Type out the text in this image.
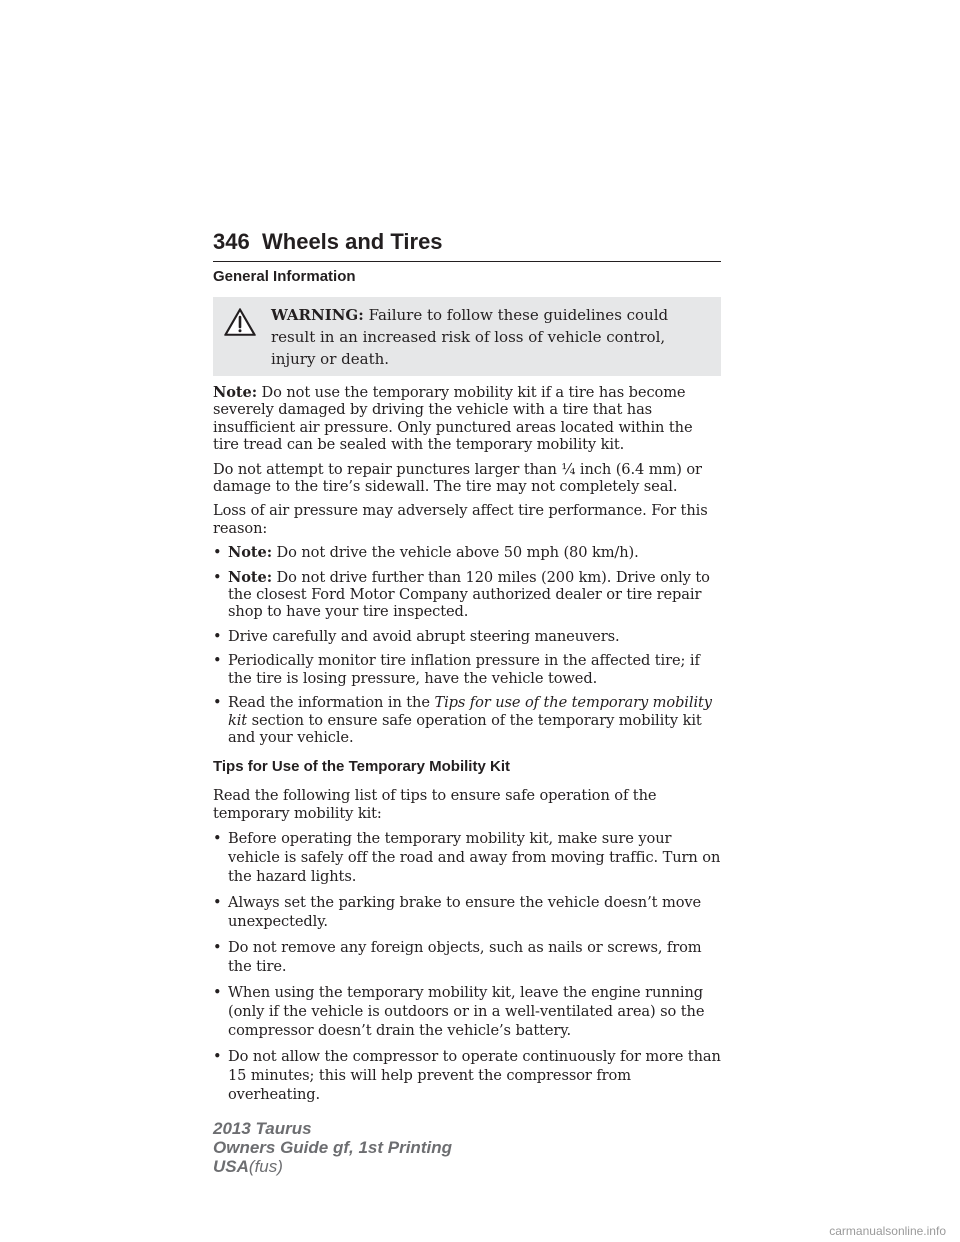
346 Wheels and Tires
General Information
WARNING: Failure to follow these guidelines could result in an increased risk of loss of vehicle control, injury or death.

Note: Do not use the temporary mobility kit if a tire has become severely damaged by driving the vehicle with a tire that has insufficient air pressure. Only punctured areas located within the tire tread can be sealed with the temporary mobility kit.

Do not attempt to repair punctures larger than ¼ inch (6.4 mm) or damage to the tire’s sidewall. The tire may not completely seal.

Loss of air pressure may adversely affect tire performance. For this reason:

• Note: Do not drive the vehicle above 50 mph (80 km/h).
• Note: Do not drive further than 120 miles (200 km). Drive only to the closest Ford Motor Company authorized dealer or tire repair shop to have your tire inspected.
• Drive carefully and avoid abrupt steering maneuvers.
• Periodically monitor tire inflation pressure in the affected tire; if the tire is losing pressure, have the vehicle towed.
• Read the information in the Tips for use of the temporary mobility kit section to ensure safe operation of the temporary mobility kit and your vehicle.
Tips for Use of the Temporary Mobility Kit

Read the following list of tips to ensure safe operation of the temporary mobility kit:

• Before operating the temporary mobility kit, make sure your vehicle is safely off the road and away from moving traffic. Turn on the hazard lights.
• Always set the parking brake to ensure the vehicle doesn’t move unexpectedly.
• Do not remove any foreign objects, such as nails or screws, from the tire.
• When using the temporary mobility kit, leave the engine running (only if the vehicle is outdoors or in a well-ventilated area) so the compressor doesn’t drain the vehicle’s battery.
• Do not allow the compressor to operate continuously for more than 15 minutes; this will help prevent the compressor from overheating.
2013 Taurus
Owners Guide gf, 1st Printing
USA(fus)
carmanualsonline.info
